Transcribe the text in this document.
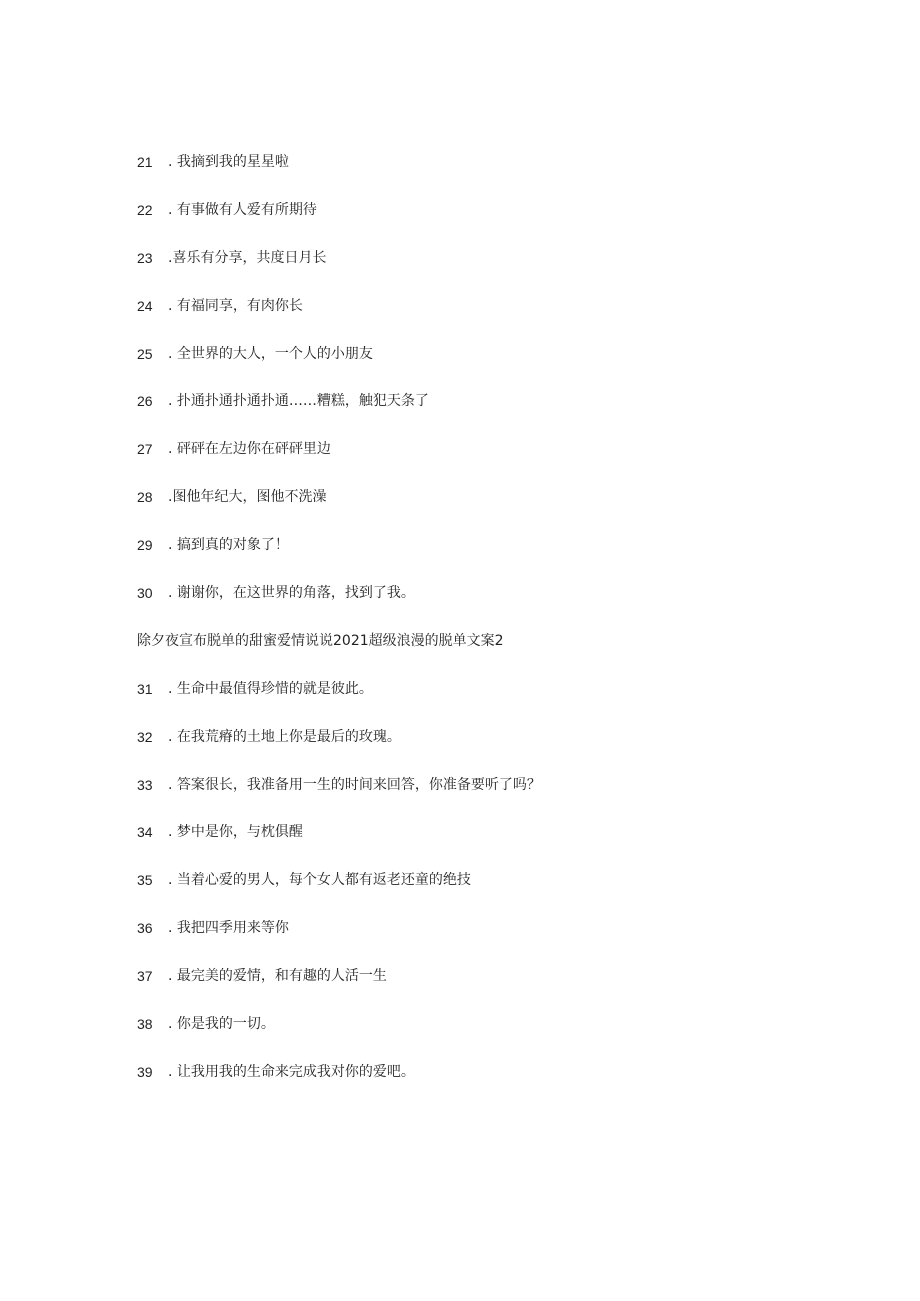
21	. 我摘到我的星星啦
22	. 有事做有人爱有所期待
23	.喜乐有分享，共度日月长
24	. 有福同享，有肉你长
25	. 全世界的大人，一个人的小朋友
26	. 扑通扑通扑通扑通……糟糕，触犯天条了
27	. 砰砰在左边你在砰砰里边
28	.图他年纪大，图他不洗澡
29	. 搞到真的对象了！
30	. 谢谢你，在这世界的角落，找到了我。
除夕夜宣布脱单的甜蜜爱情说说2021超级浪漫的脱单文案2
31	. 生命中最值得珍惜的就是彼此。
32	. 在我荒瘠的土地上你是最后的玫瑰。
33	. 答案很长，我准备用一生的时间来回答，你准备要听了吗？
34	. 梦中是你，与枕俱醒
35	. 当着心爱的男人，每个女人都有返老还童的绝技
36	. 我把四季用来等你
37	. 最完美的爱情，和有趣的人活一生
38	. 你是我的一切。
39	. 让我用我的生命来完成我对你的爱吧。
